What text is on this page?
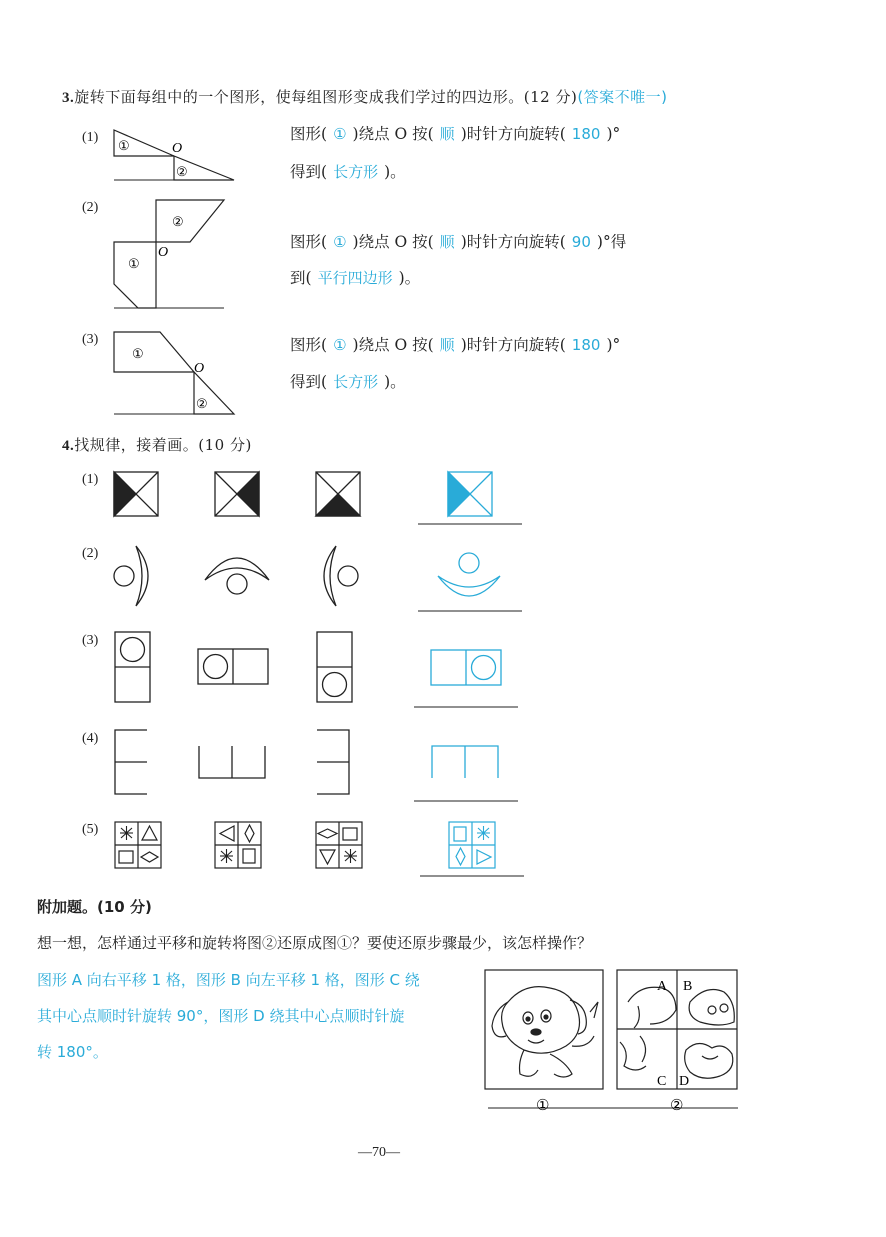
3.旋转下面每组中的一个图形，使每组图形变成我们学过的四边形。(12 分)(答案不唯一)
(1)
①
②
O
图形( ① )绕点 O 按( 顺 )时针方向旋转( 180 )°
得到( 长方形 )。
(2)
②
①
O
图形( ① )绕点 O 按( 顺 )时针方向旋转( 90 )°得
到( 平行四边形 )。
(3)
①
②
O
图形( ① )绕点 O 按( 顺 )时针方向旋转( 180 )°
得到( 长方形 )。
4.找规律，接着画。(10 分)
(1)
(2)
(3)
(4)
(5)
附加题。(10 分)
想一想，怎样通过平移和旋转将图②还原成图①？要使还原步骤最少，该怎样操作？
图形 A 向右平移 1 格，图形 B 向左平移 1 格，图形 C 绕
其中心点顺时针旋转 90°，图形 D 绕其中心点顺时针旋
转 180°。
A B
C D
①	②
—70—
